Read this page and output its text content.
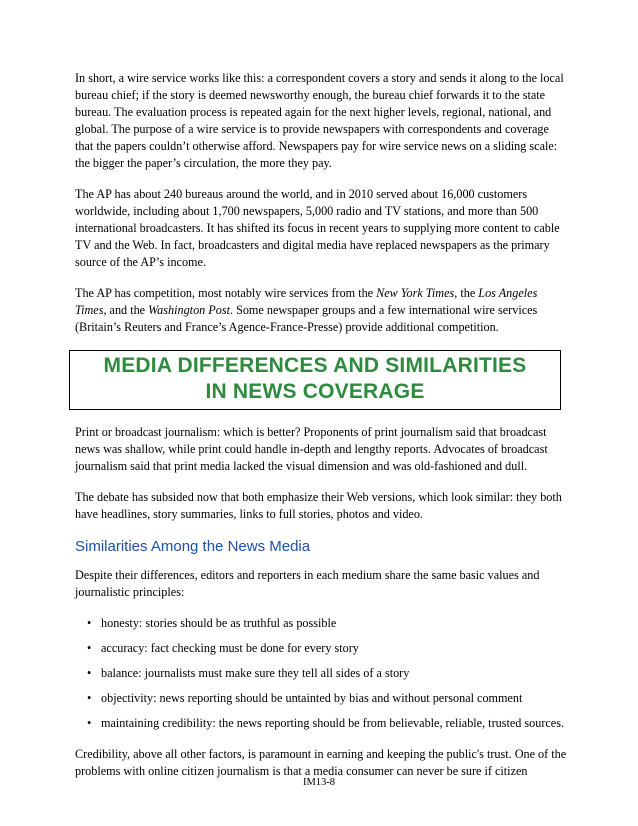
In short, a wire service works like this: a correspondent covers a story and sends it along to the local bureau chief; if the story is deemed newsworthy enough, the bureau chief forwards it to the state bureau. The evaluation process is repeated again for the next higher levels, regional, national, and global. The purpose of a wire service is to provide newspapers with correspondents and coverage that the papers couldn’t otherwise afford. Newspapers pay for wire service news on a sliding scale: the bigger the paper’s circulation, the more they pay.

The AP has about 240 bureaus around the world, and in 2010 served about 16,000 customers worldwide, including about 1,700 newspapers, 5,000 radio and TV stations, and more than 500 international broadcasters. It has shifted its focus in recent years to supplying more content to cable TV and the Web. In fact, broadcasters and digital media have replaced newspapers as the primary source of the AP’s income.

The AP has competition, most notably wire services from the New York Times, the Los Angeles Times, and the Washington Post. Some newspaper groups and a few international wire services (Britain’s Reuters and France’s Agence-France-Presse) provide additional competition.

MEDIA DIFFERENCES AND SIMILARITIES
IN NEWS COVERAGE

Print or broadcast journalism: which is better? Proponents of print journalism said that broadcast news was shallow, while print could handle in-depth and lengthy reports. Advocates of broadcast journalism said that print media lacked the visual dimension and was old-fashioned and dull.

The debate has subsided now that both emphasize their Web versions, which look similar: they both have headlines, story summaries, links to full stories, photos and video.

Similarities Among the News Media

Despite their differences, editors and reporters in each medium share the same basic values and journalistic principles:

• honesty: stories should be as truthful as possible
• accuracy: fact checking must be done for every story
• balance: journalists must make sure they tell all sides of a story
• objectivity: news reporting should be untainted by bias and without personal comment
• maintaining credibility: the news reporting should be from believable, reliable, trusted sources.

Credibility, above all other factors, is paramount in earning and keeping the public's trust. One of the problems with online citizen journalism is that a media consumer can never be sure if citizen

IM13-8
